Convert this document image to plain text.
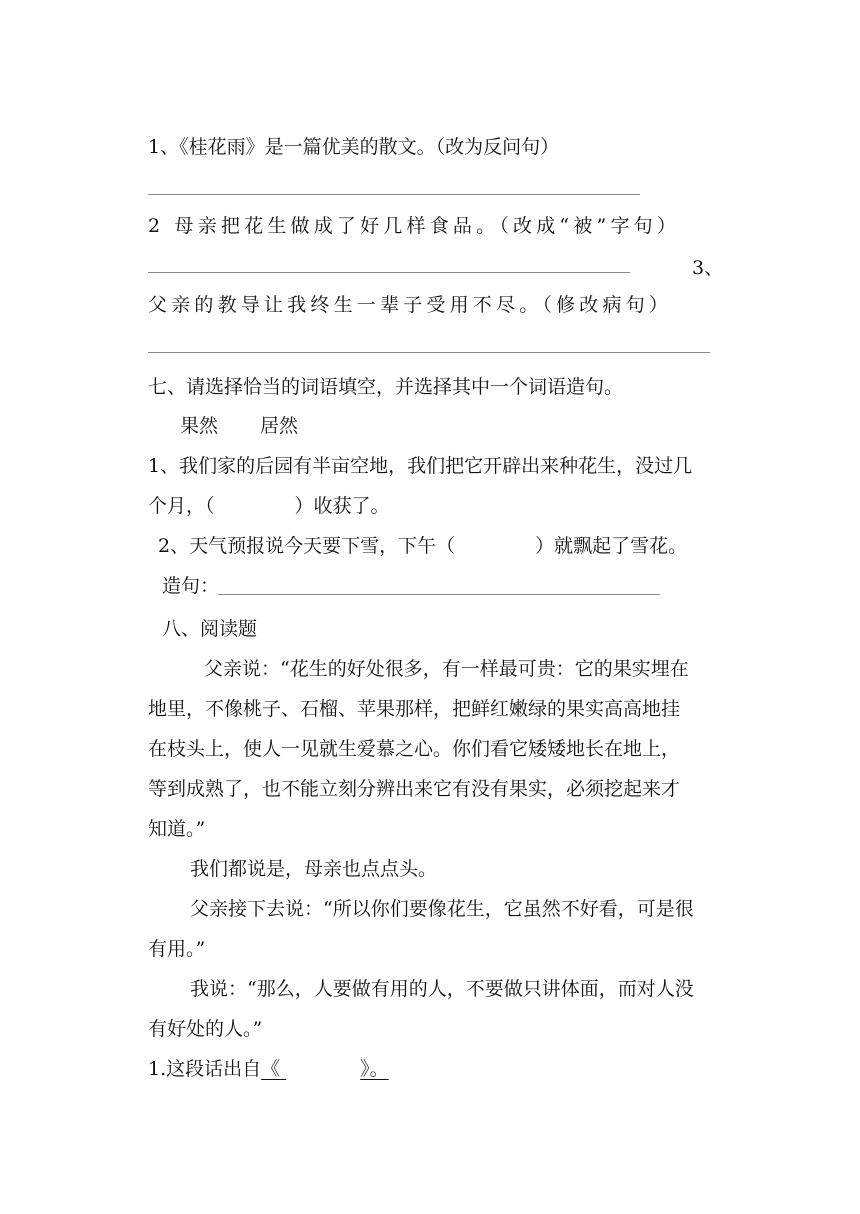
1、《桂花雨》是一篇优美的散文。（改为反问句）
2 母亲把花生做成了好几样食品。（改成“被”字句）
3、
父亲的教导让我终生一辈子受用不尽。（修改病句）
七、请选择恰当的词语填空，并选择其中一个词语造句。
果然 居然
1、我们家的后园有半亩空地，我们把它开辟出来种花生，没过几
个月，（	）收获了。
2、天气预报说今天要下雪，下午（	）就飘起了雪花。
造句：
八、阅读题
父亲说：“花生的好处很多，有一样最可贵：它的果实埋在
地里，不像桃子、石榴、苹果那样，把鲜红嫩绿的果实高高地挂
在枝头上，使人一见就生爱慕之心。你们看它矮矮地长在地上，
等到成熟了，也不能立刻分辨出来它有没有果实，必须挖起来才
知道。”
我们都说是，母亲也点点头。
父亲接下去说：“所以你们要像花生，它虽然不好看，可是很
有用。”
我说：“那么，人要做有用的人，不要做只讲体面，而对人没
有好处的人。”
1.这段话出自《	》。
